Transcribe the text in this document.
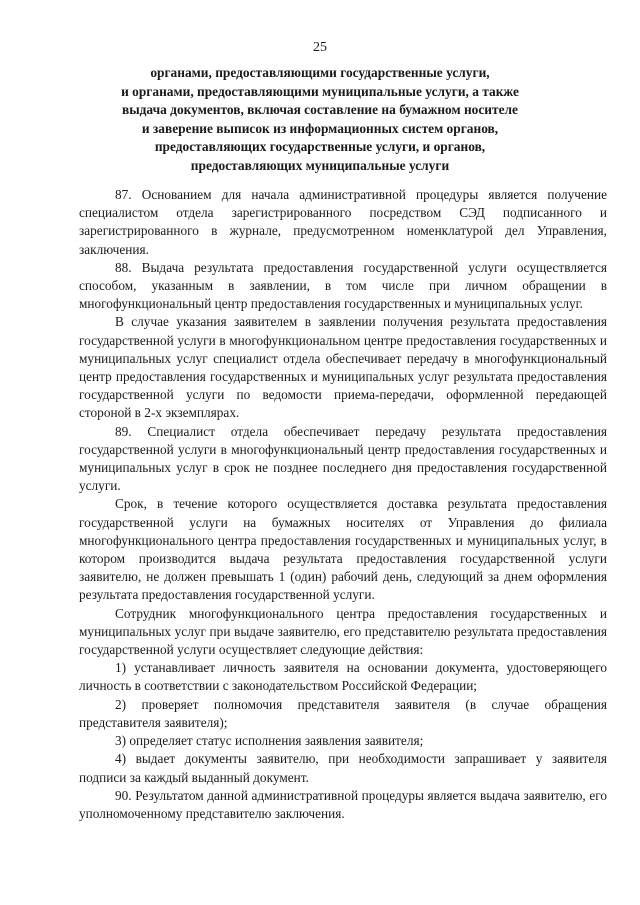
25
органами, предоставляющими государственные услуги,
и органами, предоставляющими муниципальные услуги, а также
выдача документов, включая составление на бумажном носителе
и заверение выписок из информационных систем органов,
предоставляющих государственные услуги, и органов,
предоставляющих муниципальные услуги

87. Основанием для начала административной процедуры является получение специалистом отдела зарегистрированного посредством СЭД подписанного и зарегистрированного в журнале, предусмотренном номенклатурой дел Управления, заключения.

88. Выдача результата предоставления государственной услуги осуществляется способом, указанным в заявлении, в том числе при личном обращении в многофункциональный центр предоставления государственных и муниципальных услуг.

В случае указания заявителем в заявлении получения результата предоставления государственной услуги в многофункциональном центре предоставления государственных и муниципальных услуг специалист отдела обеспечивает передачу в многофункциональный центр предоставления государственных и муниципальных услуг результата предоставления государственной услуги по ведомости приема-передачи, оформленной передающей стороной в 2-х экземплярах.

89. Специалист отдела обеспечивает передачу результата предоставления государственной услуги в многофункциональный центр предоставления государственных и муниципальных услуг в срок не позднее последнего дня предоставления государственной услуги.

Срок, в течение которого осуществляется доставка результата предоставления государственной услуги на бумажных носителях от Управления до филиала многофункционального центра предоставления государственных и муниципальных услуг, в котором производится выдача результата предоставления государственной услуги заявителю, не должен превышать 1 (один) рабочий день, следующий за днем оформления результата предоставления государственной услуги.

Сотрудник многофункционального центра предоставления государственных и муниципальных услуг при выдаче заявителю, его представителю результата предоставления государственной услуги осуществляет следующие действия:

1) устанавливает личность заявителя на основании документа, удостоверяющего личность в соответствии с законодательством Российской Федерации;

2) проверяет полномочия представителя заявителя (в случае обращения представителя заявителя);

3) определяет статус исполнения заявления заявителя;

4) выдает документы заявителю, при необходимости запрашивает у заявителя подписи за каждый выданный документ.

90. Результатом данной административной процедуры является выдача заявителю, его уполномоченному представителю заключения.
